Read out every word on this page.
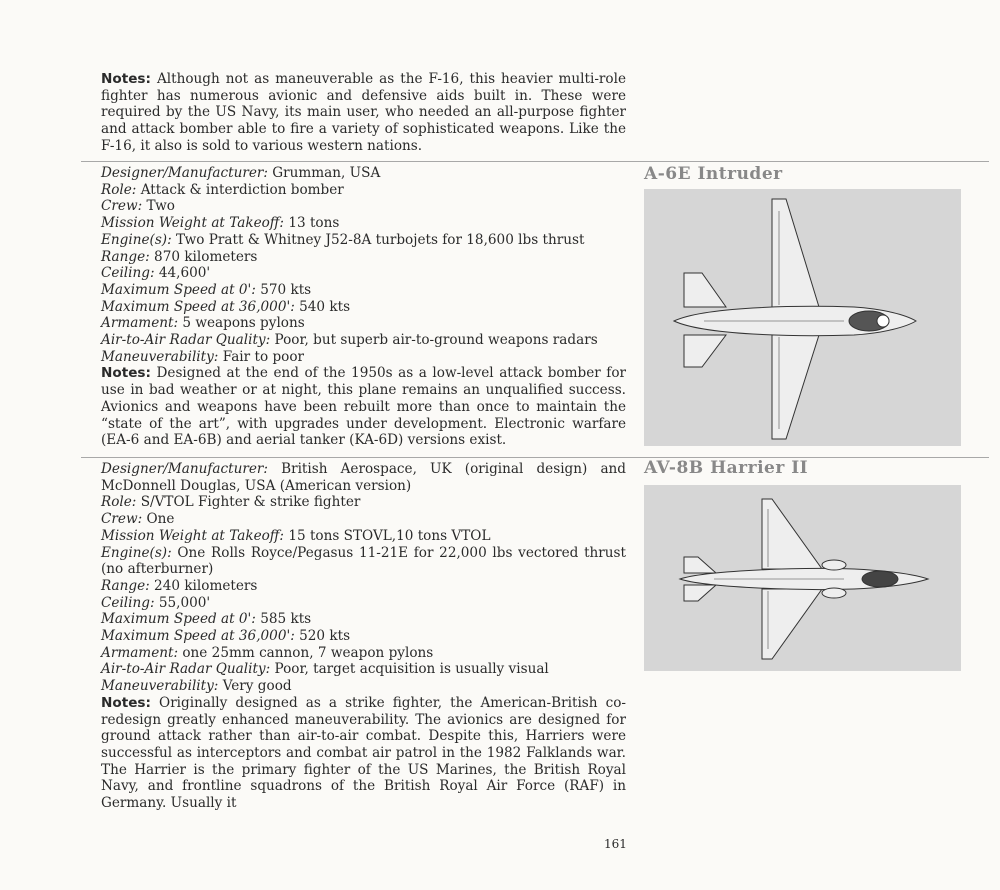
Notes: Although not as maneuverable as the F-16, this heavier multi-role fighter has numerous avionic and defensive aids built in. These were required by the US Navy, its main user, who needed an all-purpose fighter and attack bomber able to fire a variety of sophisticated weapons. Like the F-16, it also is sold to various western nations.

Designer/Manufacturer: Grumman, USA

Role: Attack & interdiction bomber

Crew: Two

Mission Weight at Takeoff: 13 tons

Engine(s): Two Pratt & Whitney J52-8A turbojets for 18,600 lbs thrust

Range: 870 kilometers

Ceiling: 44,600'

Maximum Speed at 0': 570 kts

Maximum Speed at 36,000': 540 kts

Armament: 5 weapons pylons

Air-to-Air Radar Quality: Poor, but superb air-to-ground weapons radars

Maneuverability: Fair to poor

Notes: Designed at the end of the 1950s as a low-level attack bomber for use in bad weather or at night, this plane remains an unqualified success. Avionics and weapons have been rebuilt more than once to maintain the “state of the art”, with upgrades under development. Electronic warfare (EA-6 and EA-6B) and aerial tanker (KA-6D) versions exist.

A-6E Intruder

Designer/Manufacturer: British Aerospace, UK (original design) and McDonnell Douglas, USA (American version)

Role: S/VTOL Fighter & strike fighter

Crew: One

Mission Weight at Takeoff: 15 tons STOVL,10 tons VTOL

Engine(s): One Rolls Royce/Pegasus 11-21E for 22,000 lbs vectored thrust (no afterburner)

Range: 240 kilometers

Ceiling: 55,000'

Maximum Speed at 0': 585 kts

Maximum Speed at 36,000': 520 kts

Armament: one 25mm cannon, 7 weapon pylons

Air-to-Air Radar Quality: Poor, target acquisition is usually visual

Maneuverability: Very good

Notes: Originally designed as a strike fighter, the American-British co-redesign greatly enhanced maneuverability. The avionics are designed for ground attack rather than air-to-air combat. Despite this, Harriers were successful as interceptors and combat air patrol in the 1982 Falklands war. The Harrier is the primary fighter of the US Marines, the British Royal Navy, and frontline squadrons of the British Royal Air Force (RAF) in Germany. Usually it

AV-8B Harrier II
161
